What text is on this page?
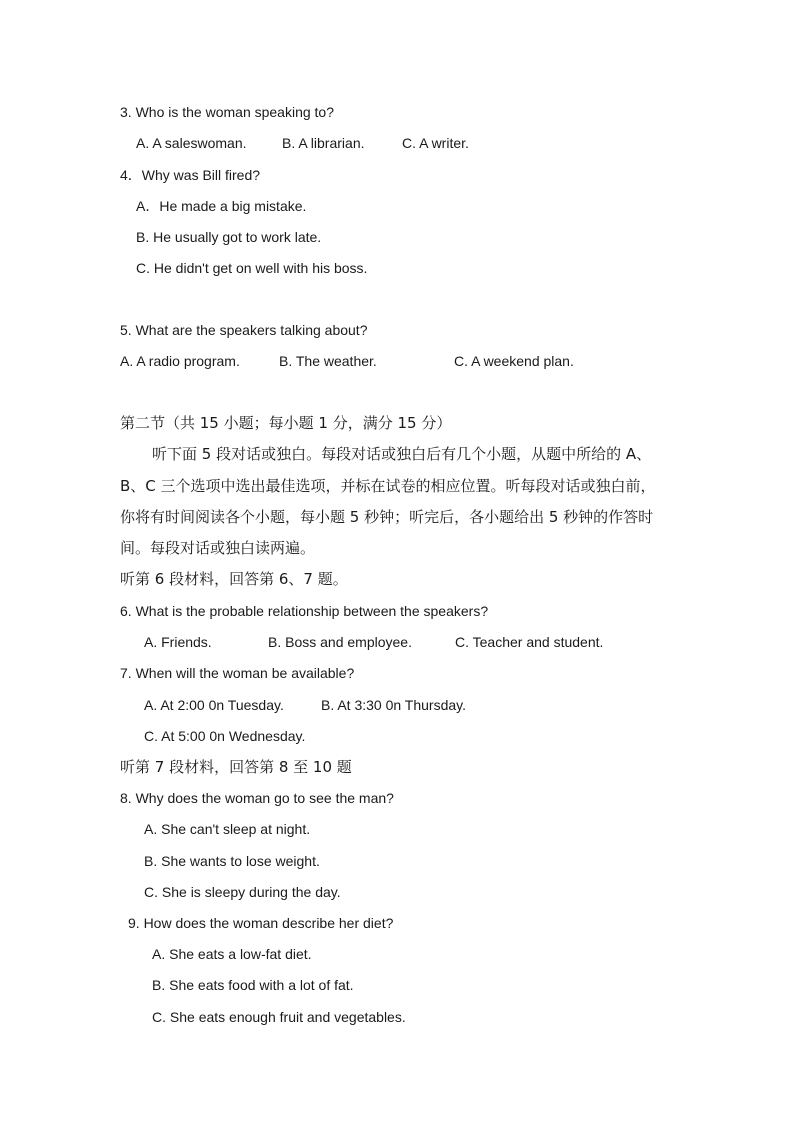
3. Who is the woman speaking to?
A. A saleswoman.	B. A librarian.	C. A writer.
4．Why was Bill fired?
A．He made a big mistake.
B. He usually got to work late.
C. He didn't get on well with his boss.
5. What are the speakers talking about?
A. A radio program.	B. The weather.	C. A weekend plan.
第二节（共 15 小题；每小题 1 分，满分 15 分）
听下面 5 段对话或独白。每段对话或独白后有几个小题，从题中所给的 A、
B、C 三个选项中选出最佳选项，并标在试卷的相应位置。听每段对话或独白前，
你将有时间阅读各个小题，每小题 5 秒钟；听完后，各小题给出 5 秒钟的作答时
间。每段对话或独白读两遍。
听第 6 段材料，回答第 6、7 题。
6. What is the probable relationship between the speakers?
A. Friends.	B. Boss and employee.	C. Teacher and student.
7. When will the woman be available?
A. At 2:00 0n Tuesday.	B. At 3:30 0n Thursday.
C. At 5:00 0n Wednesday.
听第 7 段材料，回答第 8 至 10 题
8. Why does the woman go to see the man?
A. She can't sleep at night.
B. She wants to lose weight.
C. She is sleepy during the day.
9. How does the woman describe her diet?
A. She eats a low-fat diet.
B. She eats food with a lot of fat.
C. She eats enough fruit and vegetables.
